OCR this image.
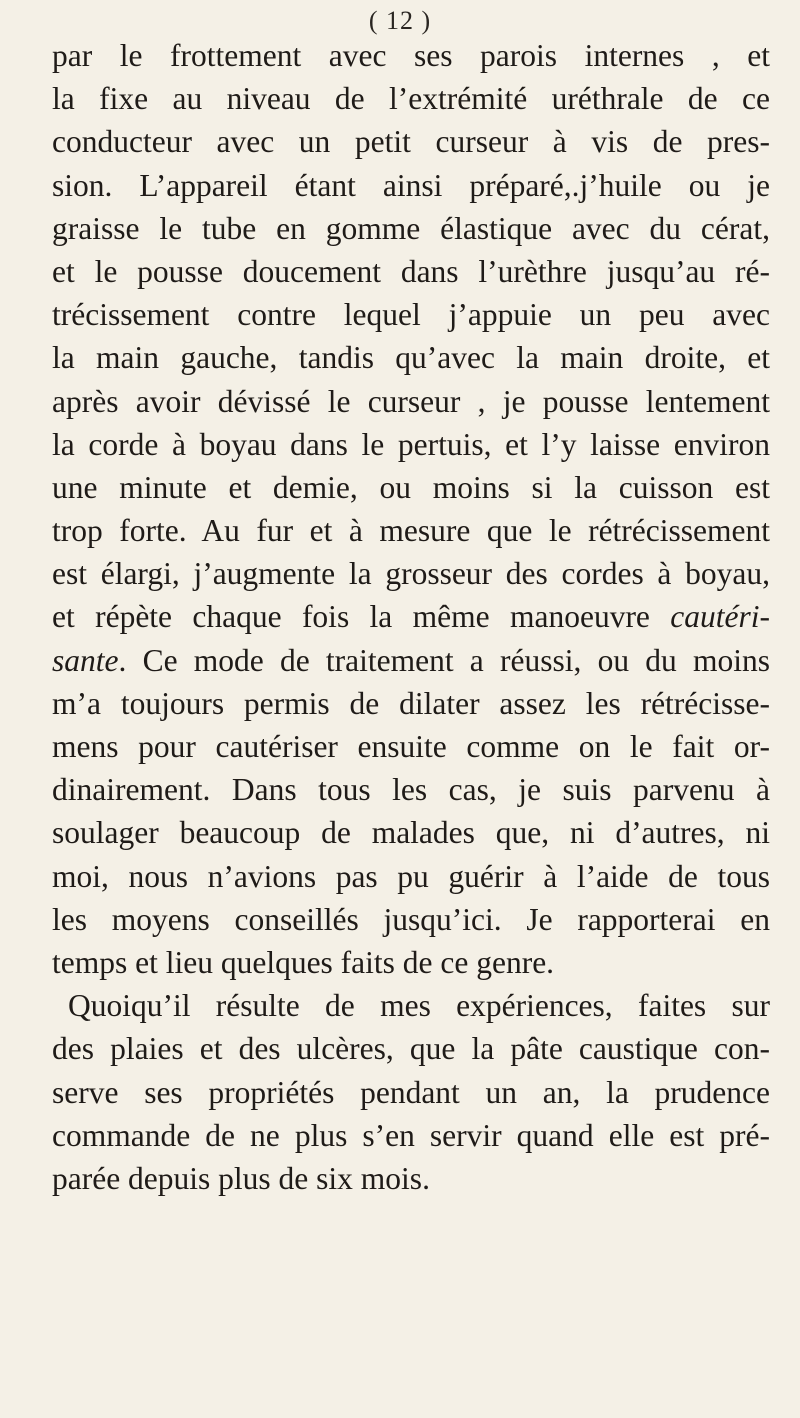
( 12 )
par le frottement avec ses parois internes , et
la fixe au niveau de l’extrémité uréthrale de ce
conducteur avec un petit curseur à vis de pres-
sion. L’appareil étant ainsi préparé,.j’huile ou je
graisse le tube en gomme élastique avec du cérat,
et le pousse doucement dans l’urèthre jusqu’au ré-
trécissement contre lequel j’appuie un peu avec
la main gauche, tandis qu’avec la main droite, et
après avoir dévissé le curseur , je pousse lentement
la corde à boyau dans le pertuis, et l’y laisse environ
une minute et demie, ou moins si la cuisson est
trop forte. Au fur et à mesure que le rétrécissement
est élargi, j’augmente la grosseur des cordes à boyau,
et répète chaque fois la même manoeuvre cautéri-
sante. Ce mode de traitement a réussi, ou du moins
m’a toujours permis de dilater assez les rétrécisse-
mens pour cautériser ensuite comme on le fait or-
dinairement. Dans tous les cas, je suis parvenu à
soulager beaucoup de malades que, ni d’autres, ni
moi, nous n’avions pas pu guérir à l’aide de tous
les moyens conseillés jusqu’ici. Je rapporterai en
temps et lieu quelques faits de ce genre.
Quoiqu’il résulte de mes expériences, faites sur
des plaies et des ulcères, que la pâte caustique con-
serve ses propriétés pendant un an, la prudence
commande de ne plus s’en servir quand elle est pré-
parée depuis plus de six mois.
